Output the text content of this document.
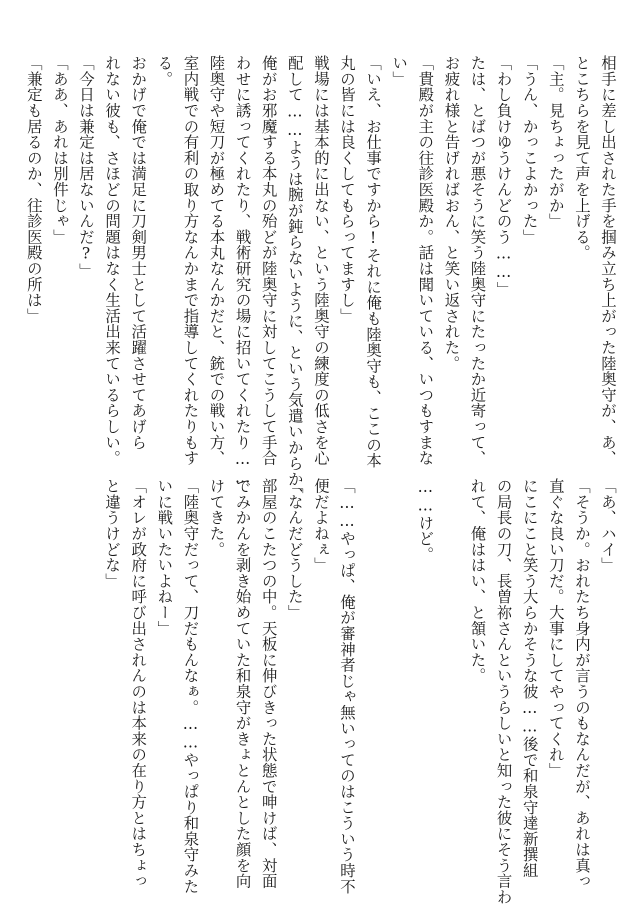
相手に差し出された手を掴み立ち上がった陸奥守が、あ、
とこちらを見て声を上げる。
「主。見ちょったがか」
「うん、かっこよかった」
「わし負けゆうけんどのう……」
たは、とばつが悪そうに笑う陸奥守にたったか近寄って、
お疲れ様と告げればおん、と笑い返された。
「貴殿が主の往診医殿か。話は聞いている、いつもすまな
い」
「いえ、お仕事ですから!それに俺も陸奥守も、ここの本
丸の皆には良くしてもらってますし」
戦場には基本的に出ない、という陸奥守の練度の低さを心
配して……ようは腕が鈍らないように、という気遣いからか、
俺がお邪魔する本丸の殆どが陸奥守に対してこうして手合
わせに誘ってくれたり、戦術研究の場に招いてくれたり……
陸奥守や短刀が極めてる本丸なんかだと、銃での戦い方、
室内戦での有利の取り方なんかまで指導してくれたりもす
る。
おかげで俺では満足に刀剣男士として活躍させてあげら
れない彼も、さほどの問題はなく生活出来ているらしい。
「今日は兼定は居ないんだ?」
「ああ、あれは別件じゃ」
「兼定も居るのか、往診医殿の所は」
「あ、ハイ」
「そうか。おれたち身内が言うのもなんだが、あれは真っ
直ぐな良い刀だ。大事にしてやってくれ」
にこにこと笑う大らかそうな彼……後で和泉守達新撰組
の局長の刀、長曽祢さんというらしいと知った彼にそう言わ
れて、俺ははい、と頷いた。
……けど。
「……やっぱ、俺が審神者じゃ無いってのはこういう時不
便だよねぇ」
「なんだどうした」
部屋のこたつの中。天板に伸びきった状態で呻けば、対面
でみかんを剥き始めていた和泉守がきょとんとした顔を向
けてきた。
「陸奥守だって、刀だもんなぁ。……やっぱり和泉守みた
いに戦いたいよねー」
「オレが政府に呼び出されんのは本来の在り方とはちょっ
と違うけどな」
